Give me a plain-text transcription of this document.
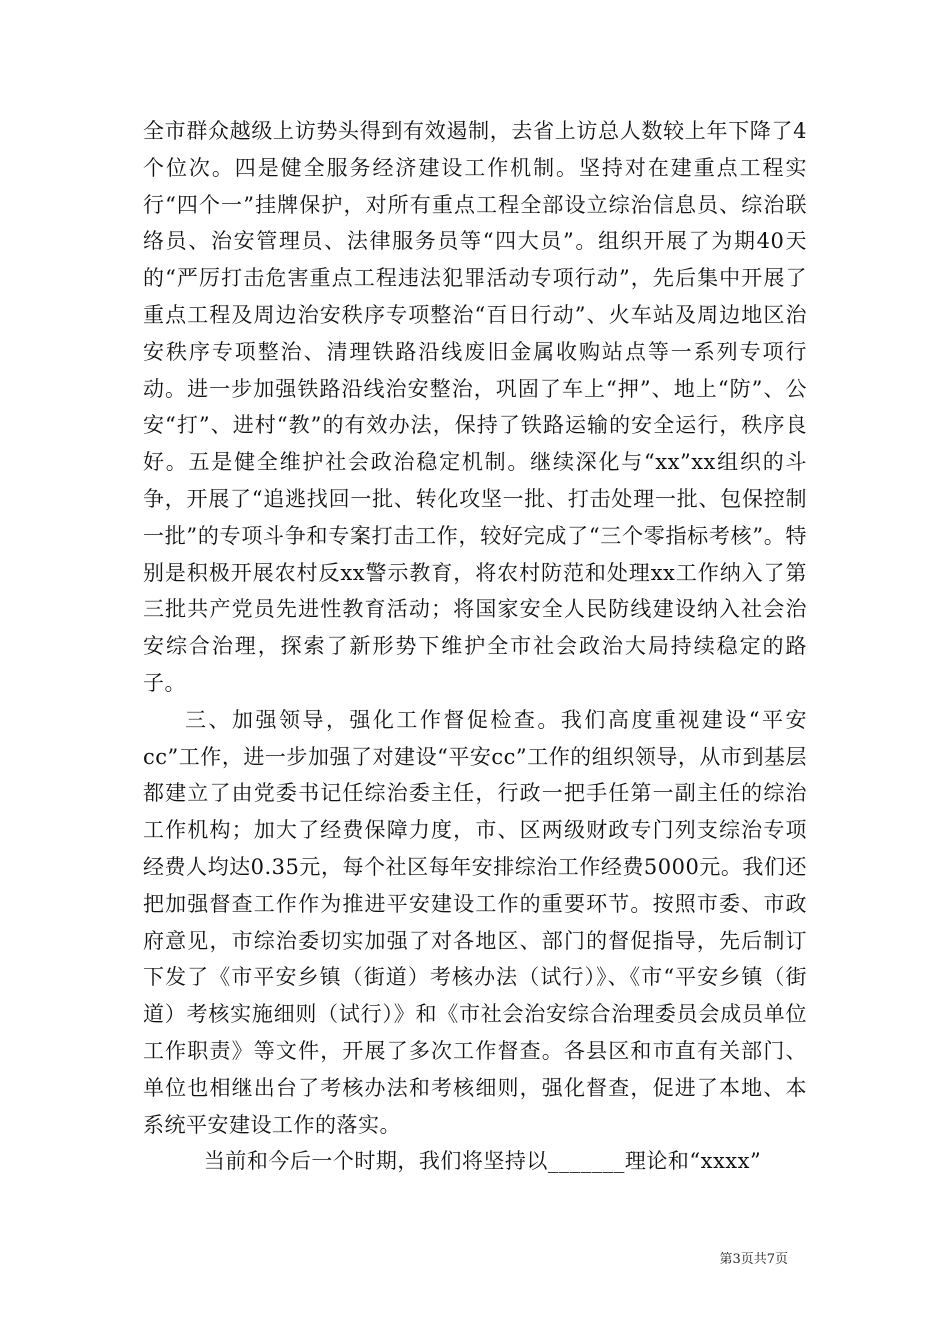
全市群众越级上访势头得到有效遏制，去省上访总人数较上年下降了4个位次。四是健全服务经济建设工作机制。坚持对在建重点工程实行“四个一”挂牌保护，对所有重点工程全部设立综治信息员、综治联络员、治安管理员、法律服务员等“四大员”。组织开展了为期40天的“严厉打击危害重点工程违法犯罪活动专项行动”，先后集中开展了重点工程及周边治安秩序专项整治“百日行动”、火车站及周边地区治安秩序专项整治、清理铁路沿线废旧金属收购站点等一系列专项行动。进一步加强铁路沿线治安整治，巩固了车上“押”、地上“防”、公安“打”、进村“教”的有效办法，保持了铁路运输的安全运行，秩序良好。五是健全维护社会政治稳定机制。继续深化与“xx”xx组织的斗争，开展了“追逃找回一批、转化攻坚一批、打击处理一批、包保控制一批”的专项斗争和专案打击工作，较好完成了“三个零指标考核”。特别是积极开展农村反xx警示教育，将农村防范和处理xx工作纳入了第三批共产党员先进性教育活动；将国家安全人民防线建设纳入社会治安综合治理，探索了新形势下维护全市社会政治大局持续稳定的路子。

三、加强领导，强化工作督促检查。我们高度重视建设“平安cc”工作，进一步加强了对建设“平安cc”工作的组织领导，从市到基层都建立了由党委书记任综治委主任，行政一把手任第一副主任的综治工作机构；加大了经费保障力度，市、区两级财政专门列支综治专项经费人均达0.35元，每个社区每年安排综治工作经费5000元。我们还把加强督查工作作为推进平安建设工作的重要环节。按照市委、市政府意见，市综治委切实加强了对各地区、部门的督促指导，先后制订下发了《市平安乡镇（街道）考核办法（试行）》、《市“平安乡镇（街道）考核实施细则（试行）》和《市社会治安综合治理委员会成员单位工作职责》等文件，开展了多次工作督查。各县区和市直有关部门、单位也相继出台了考核办法和考核细则，强化督查，促进了本地、本系统平安建设工作的落实。

当前和今后一个时期，我们将坚持以_______理论和“xxxx”

第3页共7页
